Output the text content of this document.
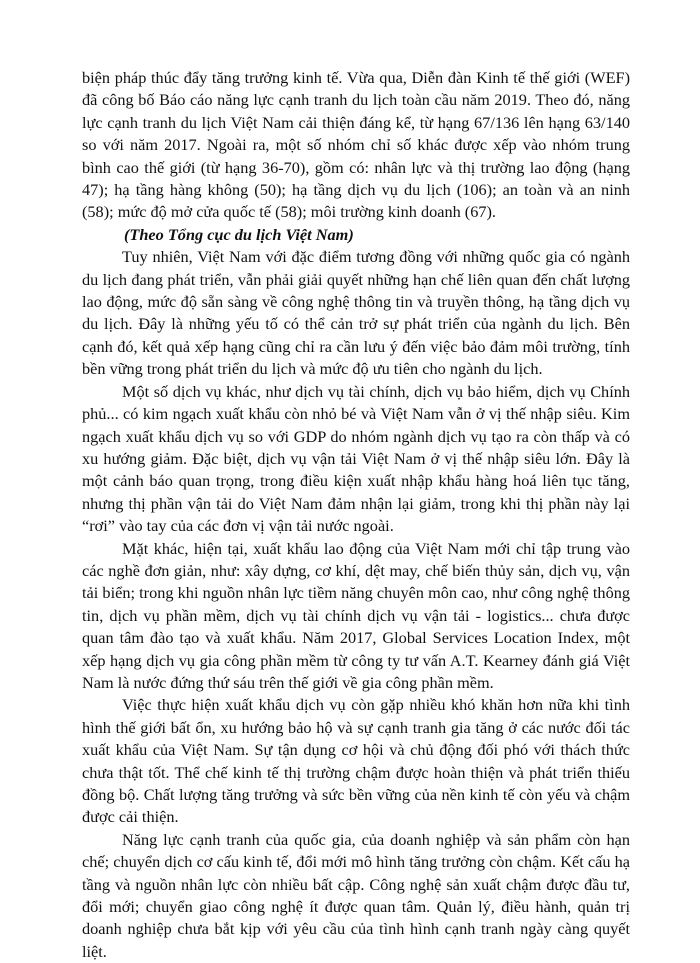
biện pháp thúc đẩy tăng trưởng kinh tế. Vừa qua, Diễn đàn Kinh tế thế giới (WEF) đã công bố Báo cáo năng lực cạnh tranh du lịch toàn cầu năm 2019. Theo đó, năng lực cạnh tranh du lịch Việt Nam cải thiện đáng kể, từ hạng 67/136 lên hạng 63/140 so với năm 2017. Ngoài ra, một số nhóm chỉ số khác được xếp vào nhóm trung bình cao thế giới (từ hạng 36-70), gồm có: nhân lực và thị trường lao động (hạng 47); hạ tầng hàng không (50); hạ tầng dịch vụ du lịch (106); an toàn và an ninh (58); mức độ mở cửa quốc tế (58); môi trường kinh doanh (67).

(Theo Tổng cục du lịch Việt Nam)

Tuy nhiên, Việt Nam với đặc điểm tương đồng với những quốc gia có ngành du lịch đang phát triển, vẫn phải giải quyết những hạn chế liên quan đến chất lượng lao động, mức độ sẵn sàng về công nghệ thông tin và truyền thông, hạ tầng dịch vụ du lịch. Đây là những yếu tố có thể cản trở sự phát triển của ngành du lịch. Bên cạnh đó, kết quả xếp hạng cũng chỉ ra cần lưu ý đến việc bảo đảm môi trường, tính bền vững trong phát triển du lịch và mức độ ưu tiên cho ngành du lịch.

Một số dịch vụ khác, như dịch vụ tài chính, dịch vụ bảo hiểm, dịch vụ Chính phủ... có kim ngạch xuất khẩu còn nhỏ bé và Việt Nam vẫn ở vị thế nhập siêu. Kim ngạch xuất khẩu dịch vụ so với GDP do nhóm ngành dịch vụ tạo ra còn thấp và có xu hướng giảm. Đặc biệt, dịch vụ vận tải Việt Nam ở vị thế nhập siêu lớn. Đây là một cảnh báo quan trọng, trong điều kiện xuất nhập khẩu hàng hoá liên tục tăng, nhưng thị phần vận tải do Việt Nam đảm nhận lại giảm, trong khi thị phần này lại “rơi” vào tay của các đơn vị vận tải nước ngoài.

Mặt khác, hiện tại, xuất khẩu lao động của Việt Nam mới chỉ tập trung vào các nghề đơn giản, như: xây dựng, cơ khí, dệt may, chế biến thủy sản, dịch vụ, vận tải biển; trong khi nguồn nhân lực tiềm năng chuyên môn cao, như công nghệ thông tin, dịch vụ phần mềm, dịch vụ tài chính dịch vụ vận tải - logistics... chưa được quan tâm đào tạo và xuất khẩu. Năm 2017, Global Services Location Index, một xếp hạng dịch vụ gia công phần mềm từ công ty tư vấn A.T. Kearney đánh giá Việt Nam là nước đứng thứ sáu trên thế giới về gia công phần mềm.

Việc thực hiện xuất khẩu dịch vụ còn gặp nhiều khó khăn hơn nữa khi tình hình thế giới bất ổn, xu hướng bảo hộ và sự cạnh tranh gia tăng ở các nước đối tác xuất khẩu của Việt Nam. Sự tận dụng cơ hội và chủ động đối phó với thách thức chưa thật tốt. Thể chế kinh tế thị trường chậm được hoàn thiện và phát triển thiếu đồng bộ. Chất lượng tăng trưởng và sức bền vững của nền kinh tế còn yếu và chậm được cải thiện.

Năng lực cạnh tranh của quốc gia, của doanh nghiệp và sản phẩm còn hạn chế; chuyển dịch cơ cấu kinh tế, đổi mới mô hình tăng trưởng còn chậm. Kết cấu hạ tầng và nguồn nhân lực còn nhiều bất cập. Công nghệ sản xuất chậm được đầu tư, đổi mới; chuyển giao công nghệ ít được quan tâm. Quản lý, điều hành, quản trị doanh nghiệp chưa bắt kịp với yêu cầu của tình hình cạnh tranh ngày càng quyết liệt.
